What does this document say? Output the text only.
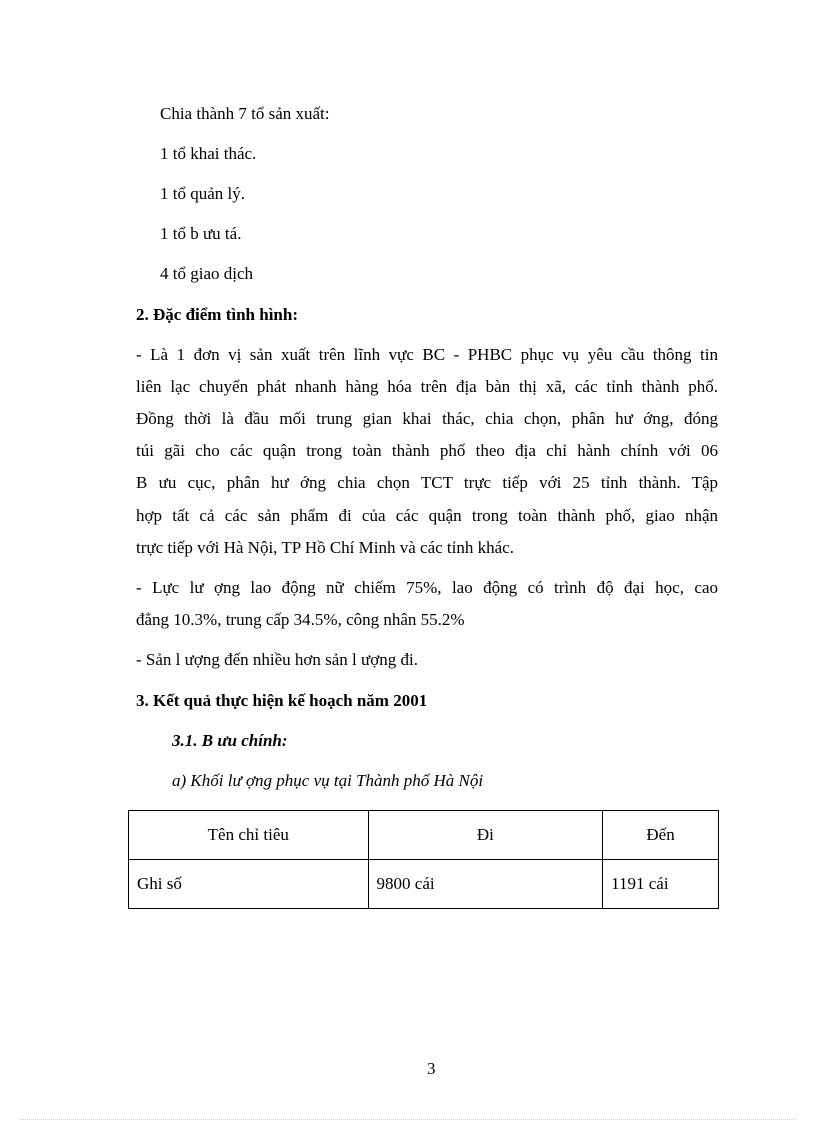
Chia thành 7 tổ sản xuất:

1 tổ khai thác.

1 tổ quản lý.

1 tổ b ưu tá.

4 tổ giao dịch

2. Đặc điểm tình hình:

- Là 1 đơn vị sản xuất trên lĩnh vực BC - PHBC phục vụ yêu cầu thông tin

liên lạc chuyển phát nhanh hàng hóa trên địa bàn thị xã, các tỉnh thành phố.

Đồng thời là đầu mối trung gian khai thác, chia chọn, phân hư ớng, đóng

túi gãi cho các quận trong toàn thành phố theo địa chỉ hành chính với 06

B ưu cục, phân hư ớng chia chọn TCT trực tiếp với 25 tỉnh thành. Tập

hợp tất cả các sản phẩm đi của các quận trong toàn thành phố, giao nhận

trực tiếp với Hà Nội, TP Hồ Chí Minh và các tỉnh khác.

- Lực lư ợng lao động nữ chiếm 75%, lao động có trình độ đại học, cao

đẳng 10.3%, trung cấp 34.5%, công nhân 55.2%

- Sản l ượng đến nhiều hơn sản l ượng đi.

3. Kết quả thực hiện kế hoạch năm 2001

3.1. B ưu chính:

a) Khối lư ợng phục vụ tại Thành phố Hà Nội

Tên chỉ tiêu	Đi	Đến
Ghi số	9800 cái	1191 cái

3
